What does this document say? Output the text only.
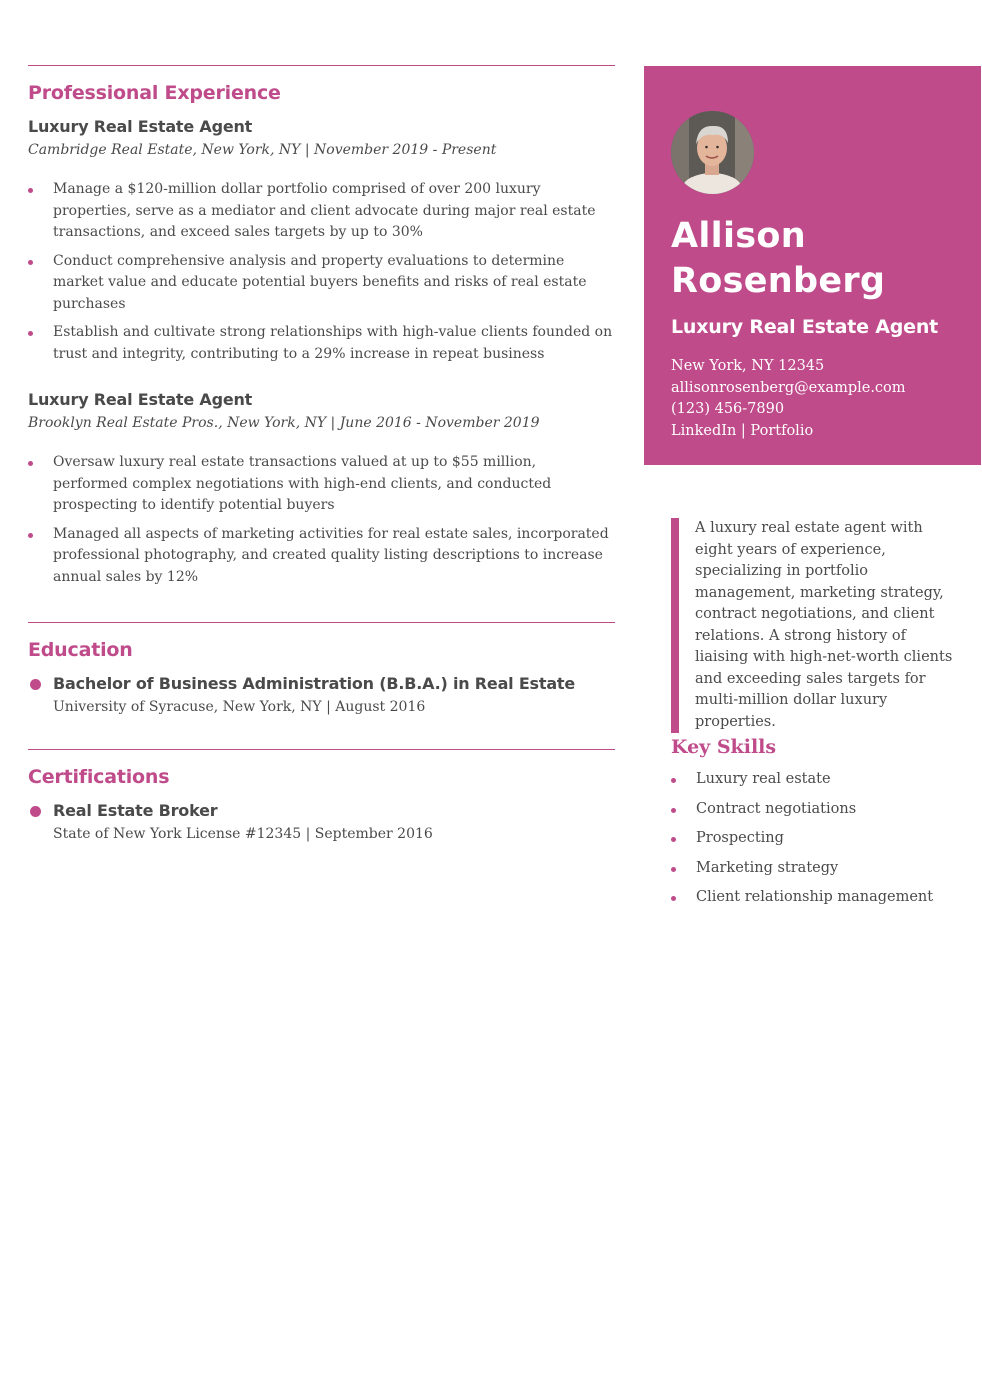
Professional Experience
Luxury Real Estate Agent
Cambridge Real Estate, New York, NY | November 2019 - Present
Manage a $120-million dollar portfolio comprised of over 200 luxury properties, serve as a mediator and client advocate during major real estate transactions, and exceed sales targets by up to 30%
Conduct comprehensive analysis and property evaluations to determine market value and educate potential buyers benefits and risks of real estate purchases
Establish and cultivate strong relationships with high-value clients founded on trust and integrity, contributing to a 29% increase in repeat business
Luxury Real Estate Agent
Brooklyn Real Estate Pros., New York, NY | June 2016 - November 2019
Oversaw luxury real estate transactions valued at up to $55 million, performed complex negotiations with high-end clients, and conducted prospecting to identify potential buyers
Managed all aspects of marketing activities for real estate sales, incorporated professional photography, and created quality listing descriptions to increase annual sales by 12%
Education
Bachelor of Business Administration (B.B.A.) in Real Estate
University of Syracuse, New York, NY | August 2016
Certifications
Real Estate Broker
State of New York License #12345 | September 2016
Allison
Rosenberg
Luxury Real Estate Agent
New York, NY 12345
allisonrosenberg@example.com
(123) 456-7890
LinkedIn | Portfolio
A luxury real estate agent with eight years of experience, specializing in portfolio management, marketing strategy, contract negotiations, and client relations. A strong history of liaising with high-net-worth clients and exceeding sales targets for multi-million dollar luxury properties.
Key Skills
Luxury real estate
Contract negotiations
Prospecting
Marketing strategy
Client relationship management
